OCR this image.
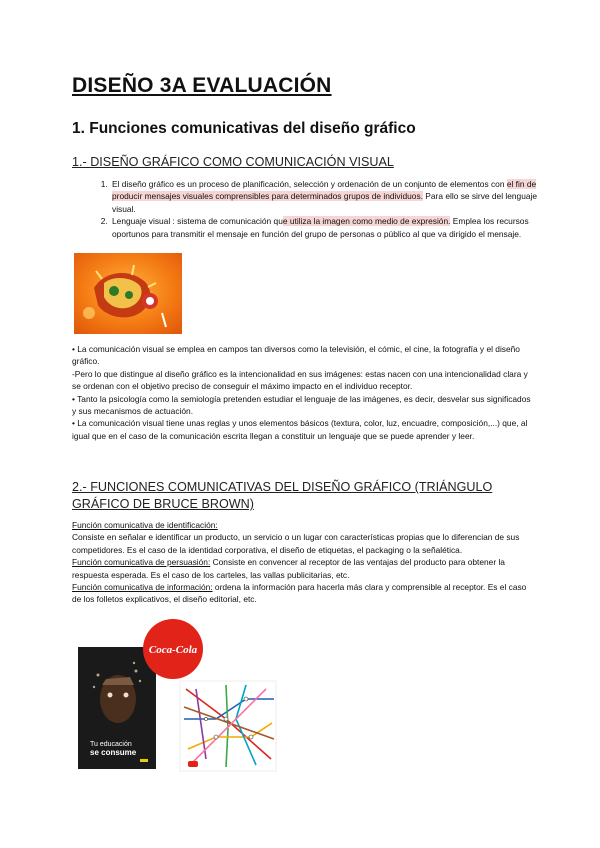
DISEÑO 3A EVALUACIÓN
1. Funciones comunicativas del diseño gráfico
1.- DISEÑO GRÁFICO COMO COMUNICACIÓN VISUAL
1. El diseño gráfico es un proceso de planificación, selección y ordenación de un conjunto de elementos con el fin de producir mensajes visuales comprensibles para determinados grupos de individuos. Para ello se sirve del lenguaje visual.
2. Lenguaje visual : sistema de comunicación que utiliza la imagen como medio de expresión. Emplea los recursos oportunos para transmitir el mensaje en función del grupo de personas o público al que va dirigido el mensaje.

• La comunicación visual se emplea en campos tan diversos como la televisión, el cómic, el cine, la fotografía y el diseño gráfico.

-Pero lo que distingue al diseño gráfico es la intencionalidad en sus imágenes: estas nacen con una intencionalidad clara y se ordenan con el objetivo preciso de conseguir el máximo impacto en el individuo receptor.

• Tanto la psicología como la semiología pretenden estudiar el lenguaje de las imágenes, es decir, desvelar sus significados y sus mecanismos de actuación.

• La comunicación visual tiene unas reglas y unos elementos básicos (textura, color, luz, encuadre, composición,...) que, al igual que en el caso de la comunicación escrita llegan a constituir un lenguaje que se puede aprender y leer.

2.- FUNCIONES COMUNICATIVAS DEL DISEÑO GRÁFICO (TRIÁNGULO GRÁFICO DE BRUCE BROWN)

Función comunicativa de identificación:
Consiste en señalar e identificar un producto, un servicio o un lugar con características propias que lo diferencian de sus competidores. Es el caso de la identidad corporativa, el diseño de etiquetas, el packaging o la señalética.

Función comunicativa de persuasión: Consiste en convencer al receptor de las ventajas del producto para obtener la respuesta esperada. Es el caso de los carteles, las vallas publicitarias, etc.

Función comunicativa de información: ordena la información para hacerla más clara y comprensible al receptor. Es el caso de los folletos explicativos, el diseño editorial, etc.

Tu educación
se consume
Coca-Cola
